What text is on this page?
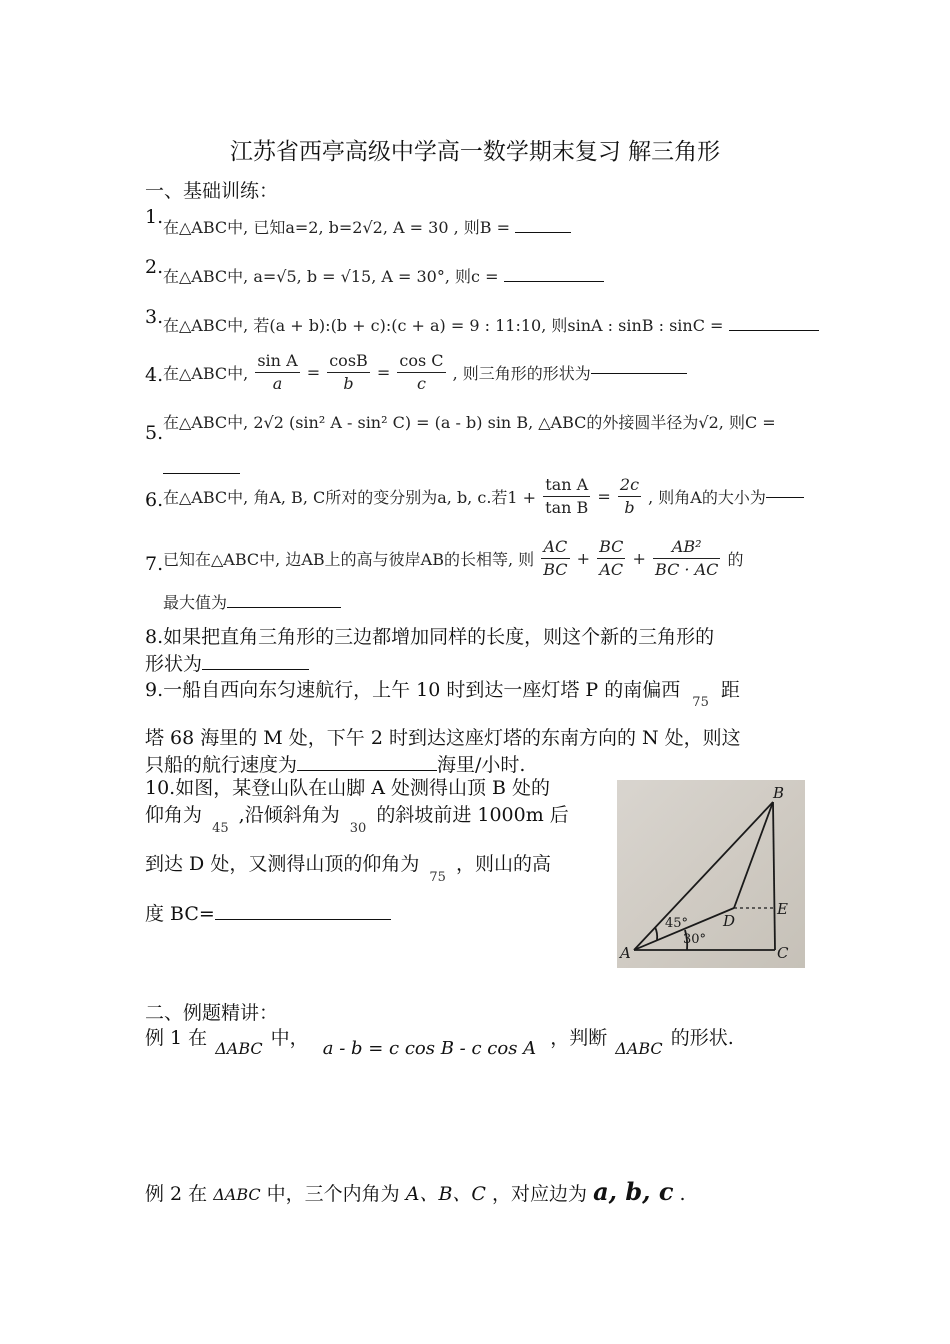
江苏省西亭高级中学高一数学期末复习 解三角形
一、基础训练：
1. 在△ABC中, 已知a=2, b=2√2, A = 30 , 则B =
2. 在△ABC中, a=√5, b = √15, A = 30°, 则c =
3. 在△ABC中, 若(a + b):(b + c):(c + a) = 9 : 11:10, 则sinA : sinB : sinC =
4. 在△ABC中, $\frac{\text{sin A}}{a} = \frac{\cos B}{b} = \frac{\text{cos C}}{c}$ , 则三角形的形状为
5. 在△ABC中, 2√2 (sin² A - sin² C) = (a - b) sin B, △ABC的外接圆半径为√2, 则C =
6. 在△ABC中, 角A, B, C所对的变分别为a, b, c.若$1 + \frac{\text{tan A}}{\text{tan B}} = \frac{2c}{b}$ , 则角A的大小为
7. 已知在△ABC中, 边AB上的高与彼岸AB的长相等, 则 $\frac{AC}{BC} + \frac{BC}{AC} + \frac{\text{AB²}}{BC \cdot AC}$ 的
最大值为
8.如果把直角三角形的三边都增加同样的长度，则这个新的三角形的
形状为
9.一船自西向东匀速航行，上午 10 时到达一座灯塔 P 的南偏西 $_{75}$ 距
塔 68 海里的 M 处，下午 2 时到达这座灯塔的东南方向的 N 处，则这
只船的航行速度为	海里/小时.
10.如图，某登山队在山脚 A 处测得山顶 B 处的
仰角为 $_{45}$ ,沿倾斜角为 $_{30}$ 的斜坡前进 1000m 后
到达 D 处，又测得山顶的仰角为 $_{75}$ ，则山的高
度 BC=
B
E
D
A	C
45°
30°
二、例题精讲：
例 1 在 $_{\Delta ABC}$ 中， a - b = c cos B - c cos A ，判断 $_{\Delta ABC}$ 的形状.
例 2 在 ΔABC 中，三个内角为 A、B、C ，对应边为 a, b, c .
